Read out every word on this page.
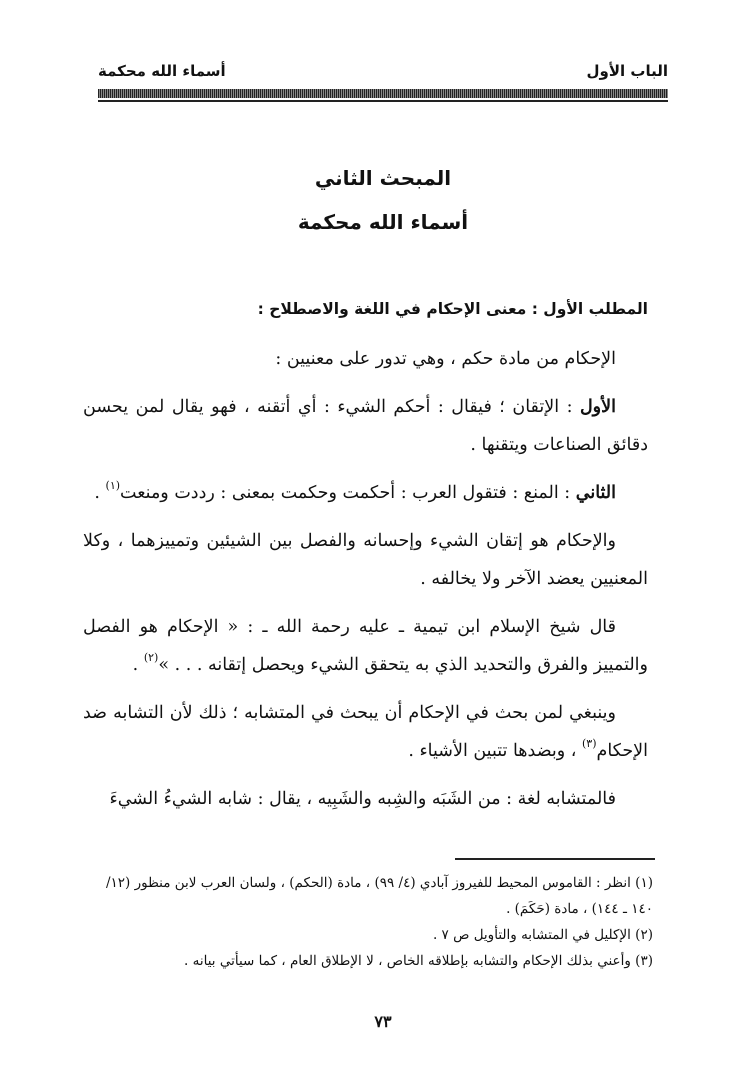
الباب الأول
أسماء الله محكمة
المبحث الثاني
أسماء الله محكمة
المطلب الأول : معنى الإحكام في اللغة والاصطلاح :

الإحكام من مادة حكم ، وهي تدور على معنيين :

الأول : الإتقان ؛ فيقال : أحكم الشيء : أي أتقنه ، فهو يقال لمن يحسن دقائق الصناعات ويتقنها .

الثاني : المنع : فتقول العرب : أحكمت وحكمت بمعنى : رددت ومنعت$^{(١)}$ .

والإحكام هو إتقان الشيء وإحسانه والفصل بين الشيئين وتمييزهما ، وكلا المعنيين يعضد الآخر ولا يخالفه .

قال شيخ الإسلام ابن تيمية ـ عليه رحمة الله ـ : « الإحكام هو الفصل والتمييز والفرق والتحديد الذي به يتحقق الشيء ويحصل إتقانه . . . »$^{(٢)}$ .

وينبغي لمن بحث في الإحكام أن يبحث في المتشابه ؛ ذلك لأن التشابه ضد الإحكام$^{(٣)}$ ، وبضدها تتبين الأشياء .

فالمتشابه لغة : من الشَبَه والشِبه والشَبِيه ، يقال : شابه الشيءُ الشيءَ

(١) انظر : القاموس المحيط للفيروز آبادي (٤/ ٩٩) ، مادة (الحكم) ، ولسان العرب لابن منظور (١٢/ ١٤٠ ـ ١٤٤) ، مادة (حَكَمَ) .

(٢) الإكليل في المتشابه والتأويل ص ٧ .

(٣) وأعني بذلك الإحكام والتشابه بإطلاقه الخاص ، لا الإطلاق العام ، كما سيأتي بيانه .

٧٣
